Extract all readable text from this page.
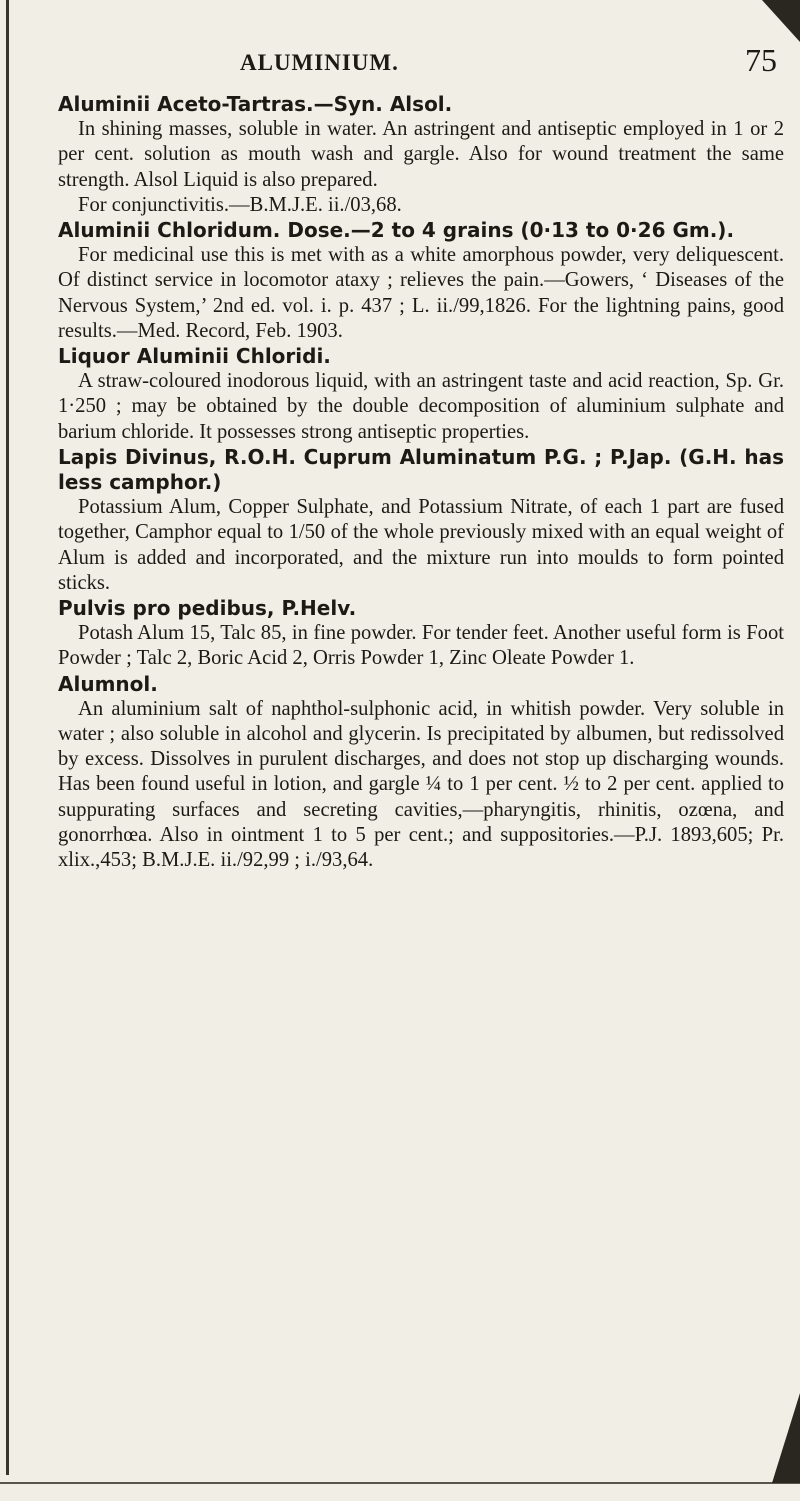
ALUMINIUM.	75

Aluminii Aceto-Tartras.—Syn. Alsol.

In shining masses, soluble in water. An astringent and antiseptic employed in 1 or 2 per cent. solution as mouth wash and gargle. Also for wound treatment the same strength. Alsol Liquid is also prepared.

For conjunctivitis.—B.M.J.E. ii./03,68.

Aluminii Chloridum. Dose.—2 to 4 grains (0·13 to 0·26 Gm.).

For medicinal use this is met with as a white amorphous powder, very deliquescent. Of distinct service in locomotor ataxy ; relieves the pain.—Gowers, ‘ Diseases of the Nervous System,’ 2nd ed. vol. i. p. 437 ; L. ii./99,1826. For the lightning pains, good results.—Med. Record, Feb. 1903.

Liquor Aluminii Chloridi.

A straw-coloured inodorous liquid, with an astringent taste and acid reaction, Sp. Gr. 1·250 ; may be obtained by the double decomposition of aluminium sulphate and barium chloride. It possesses strong antiseptic properties.

Lapis Divinus, R.O.H. Cuprum Aluminatum P.G. ; P.Jap. (G.H. has less camphor.)

Potassium Alum, Copper Sulphate, and Potassium Nitrate, of each 1 part are fused together, Camphor equal to 1/50 of the whole previously mixed with an equal weight of Alum is added and incorporated, and the mixture run into moulds to form pointed sticks.

Pulvis pro pedibus, P.Helv.

Potash Alum 15, Talc 85, in fine powder. For tender feet. Another useful form is Foot Powder ; Talc 2, Boric Acid 2, Orris Powder 1, Zinc Oleate Powder 1.

Alumnol.

An aluminium salt of naphthol-sulphonic acid, in whitish powder. Very soluble in water ; also soluble in alcohol and glycerin. Is precipitated by albumen, but redissolved by excess. Dissolves in purulent discharges, and does not stop up discharging wounds. Has been found useful in lotion, and gargle ¼ to 1 per cent. ½ to 2 per cent. applied to suppurating surfaces and secreting cavities,—pharyngitis, rhinitis, ozœna, and gonorrhœa. Also in ointment 1 to 5 per cent.; and suppositories.—P.J. 1893,605; Pr. xlix.,453; B.M.J.E. ii./92,99 ; i./93,64.
